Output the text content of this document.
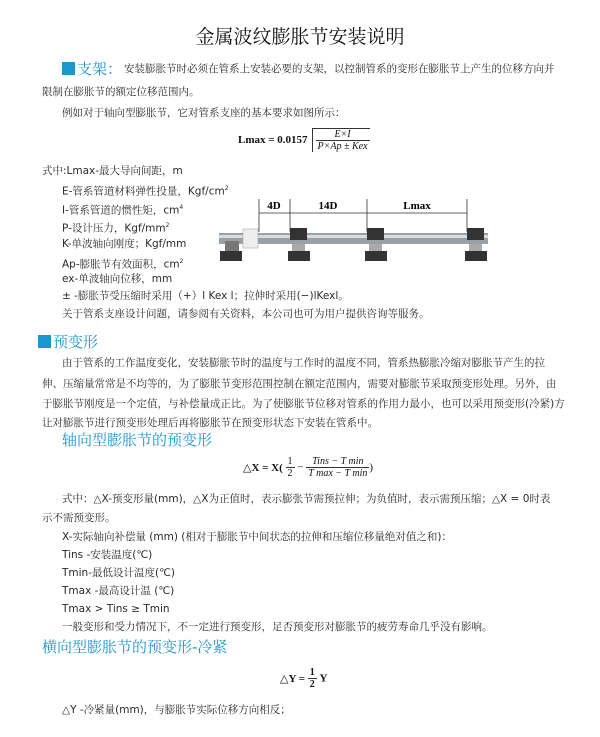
金属波纹膨胀节安装说明
支架： 安装膨胀节时必须在管系上安装必要的支架，以控制管系的变形在膨胀节上产生的位移方向并
限制在膨胀节的额定位移范围内。
例如对于轴向型膨胀节，它对管系支座的基本要求如图所示：
$Lmax = 0.0157 \frac{E\times I}{\text{P×Ap ± Kex}}$
式中:Lmax-最大导向间距，m
E-管系管道材料弹性投量，Kgf/$cm^2$
I-管系管道的惯性矩，$cm^4$
P-设计压力，Kgf/$mm^2$
K-单波轴向刚度；Kgf/mm
Ap-膨胀节有效面积，$cm^2$
ex-单波轴向位移，mm
± -膨胀节受压缩时采用（+）l Kex l；拉伸时采用(−)lKexl。
关于管系支座设计问题，请参阅有关资料，本公司也可为用户提供咨询等服务。
4D	14D	Lmax
预变形
由于管系的工作温度变化，安装膨胀节时的温度与工作时的温度不同，管系热膨胀冷缩对膨胀节产生的拉
伸、压缩量常常是不均等的，为了膨胀节变形范围控制在额定范围内，需要对膨胀节采取预变形处理。另外，由
于膨胀节刚度是一个定值，与补偿量成正比。为了使膨胀节位移对管系的作用力最小，也可以采用预变形(冷紧)方
让对膨胀节进行预变形处理后再将膨胀节在预变形状态下安装在管系中。
轴向型膨胀节的预变形
△X = $X( \frac{1}{2} - \frac{\text{Tins − T min}}{\text{T max − T min}}$ )
式中：△X-预变形量(mm)，△X为正值时，表示膨张节需预拉伸；为负值时，表示需预压缩；△X = 0时表
示不需预变形。
X-实际轴向补偿量 (mm) (相对于膨胀节中间状态的拉伸和压缩位移量绝对值之和)：
Tins -安装温度(℃)
Tmin-最低设计温度(℃)
Tmax -最高设计温 (℃)
Tmax > Tins ≥ Tmin
一般变形和受力情况下，不一定进行预变形，足否预变形对膨胀节的疲劳寿命几乎没有影响。
横向型膨胀节的预变形-冷紧
△Y = $\frac{1}{2}$ Y
△Y -冷紧量(mm)，与膨胀节实际位移方向相反；
